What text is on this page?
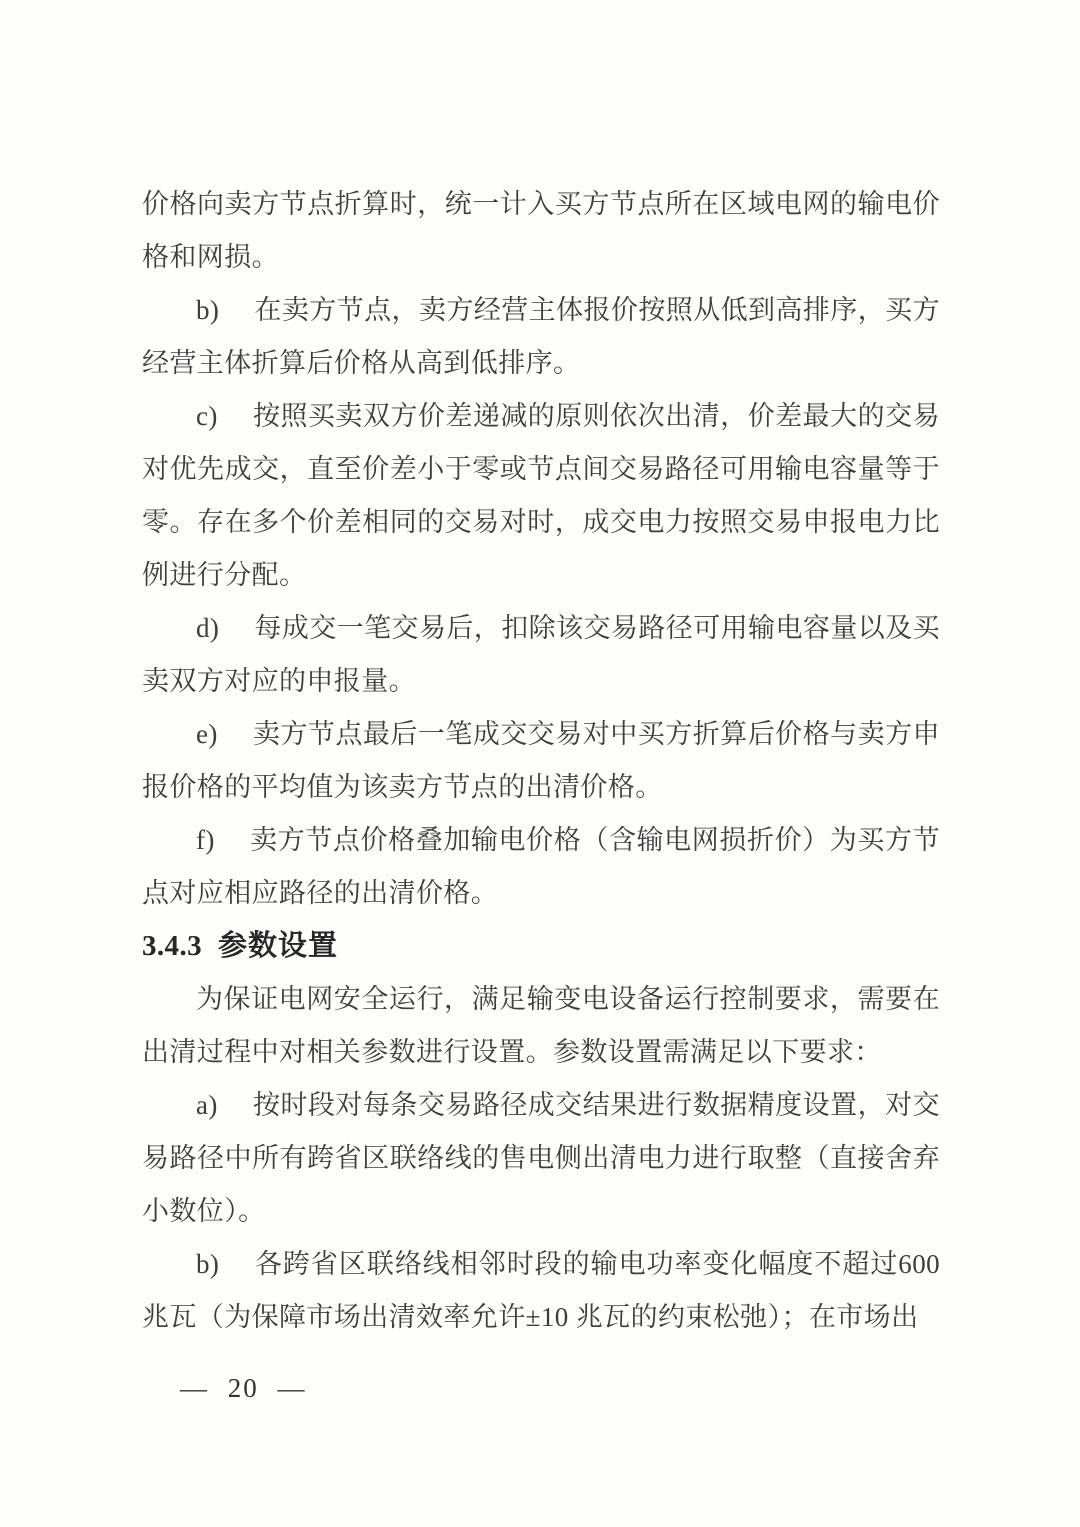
价格向卖方节点折算时，统一计入买方节点所在区域电网的输电价格和网损。

b) 在卖方节点，卖方经营主体报价按照从低到高排序，买方经营主体折算后价格从高到低排序。

c) 按照买卖双方价差递减的原则依次出清，价差最大的交易对优先成交，直至价差小于零或节点间交易路径可用输电容量等于零。存在多个价差相同的交易对时，成交电力按照交易申报电力比例进行分配。

d) 每成交一笔交易后，扣除该交易路径可用输电容量以及买卖双方对应的申报量。

e) 卖方节点最后一笔成交交易对中买方折算后价格与卖方申报价格的平均值为该卖方节点的出清价格。

f) 卖方节点价格叠加输电价格（含输电网损折价）为买方节点对应相应路径的出清价格。

3.4.3 参数设置

为保证电网安全运行，满足输变电设备运行控制要求，需要在出清过程中对相关参数进行设置。参数设置需满足以下要求：

a) 按时段对每条交易路径成交结果进行数据精度设置，对交易路径中所有跨省区联络线的售电侧出清电力进行取整（直接舍弃小数位）。

b) 各跨省区联络线相邻时段的输电功率变化幅度不超过600兆瓦（为保障市场出清效率允许±10 兆瓦的约束松弛）；在市场出

— 20 —
